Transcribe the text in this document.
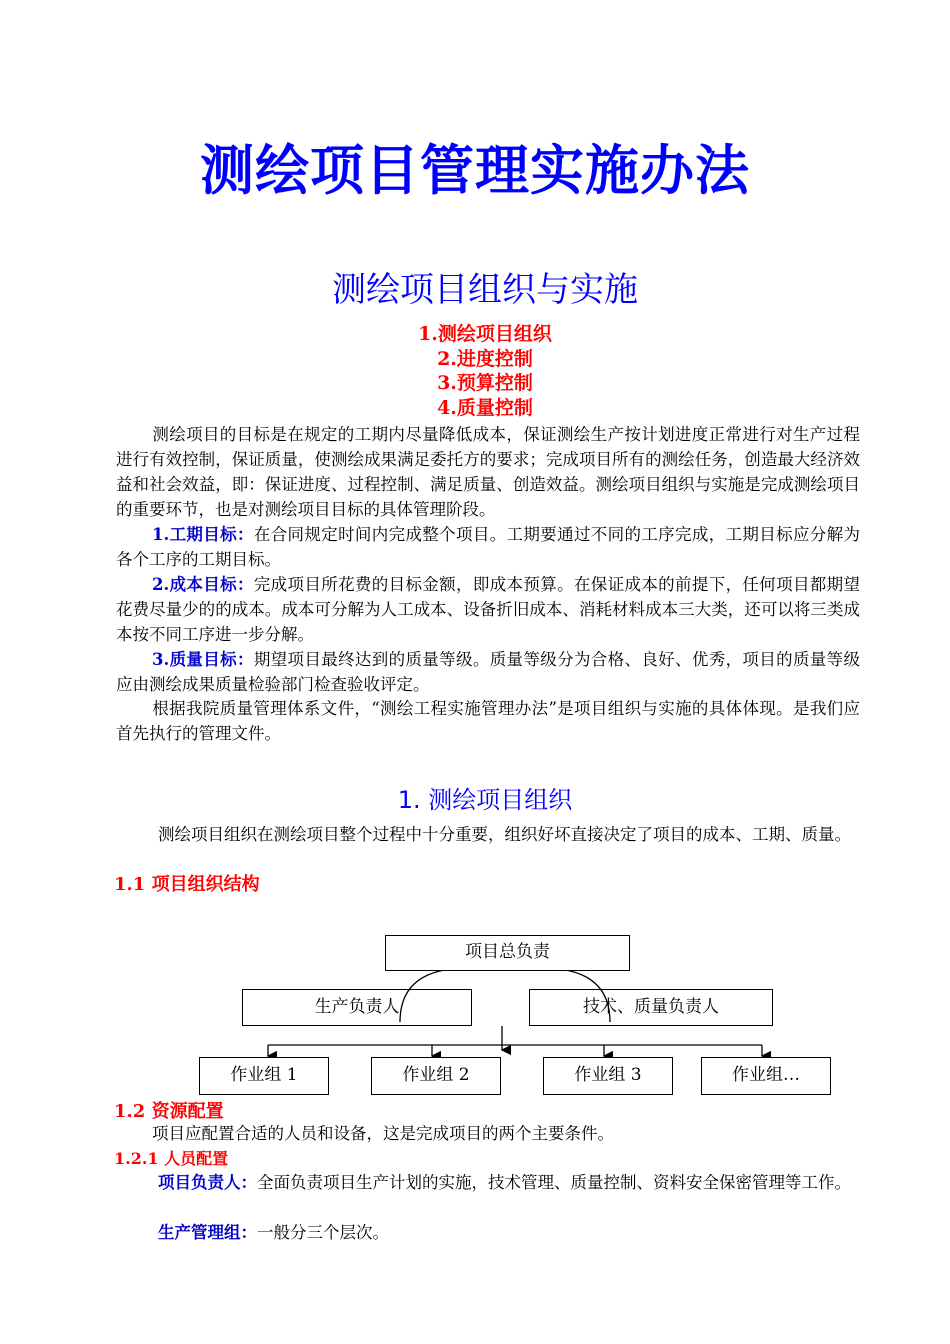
测绘项目管理实施办法
测绘项目组织与实施
1.测绘项目组织
2.进度控制
3.预算控制
4.质量控制
测绘项目的目标是在规定的工期内尽量降低成本，保证测绘生产按计划进度正常进行对生产过程进行有效控制，保证质量，使测绘成果满足委托方的要求；完成项目所有的测绘任务，创造最大经济效益和社会效益，即：保证进度、过程控制、满足质量、创造效益。测绘项目组织与实施是完成测绘项目的重要环节，也是对测绘项目目标的具体管理阶段。
1.工期目标：在合同规定时间内完成整个项目。工期要通过不同的工序完成，工期目标应分解为各个工序的工期目标。
2.成本目标：完成项目所花费的目标金额，即成本预算。在保证成本的前提下，任何项目都期望花费尽量少的的成本。成本可分解为人工成本、设备折旧成本、消耗材料成本三大类，还可以将三类成本按不同工序进一步分解。
3.质量目标：期望项目最终达到的质量等级。质量等级分为合格、良好、优秀，项目的质量等级应由测绘成果质量检验部门检查验收评定。
根据我院质量管理体系文件，“测绘工程实施管理办法”是项目组织与实施的具体体现。是我们应首先执行的管理文件。
1. 测绘项目组织
测绘项目组织在测绘项目整个过程中十分重要，组织好坏直接决定了项目的成本、工期、质量。
1.1 项目组织结构
项目总负责
生产负责人	技术、质量负责人
作业组 1	作业组 2	作业组 3	作业组…
1.2 资源配置
项目应配置合适的人员和设备，这是完成项目的两个主要条件。
1.2.1 人员配置
项目负责人：全面负责项目生产计划的实施，技术管理、质量控制、资料安全保密管理等工作。
生产管理组：一般分三个层次。
